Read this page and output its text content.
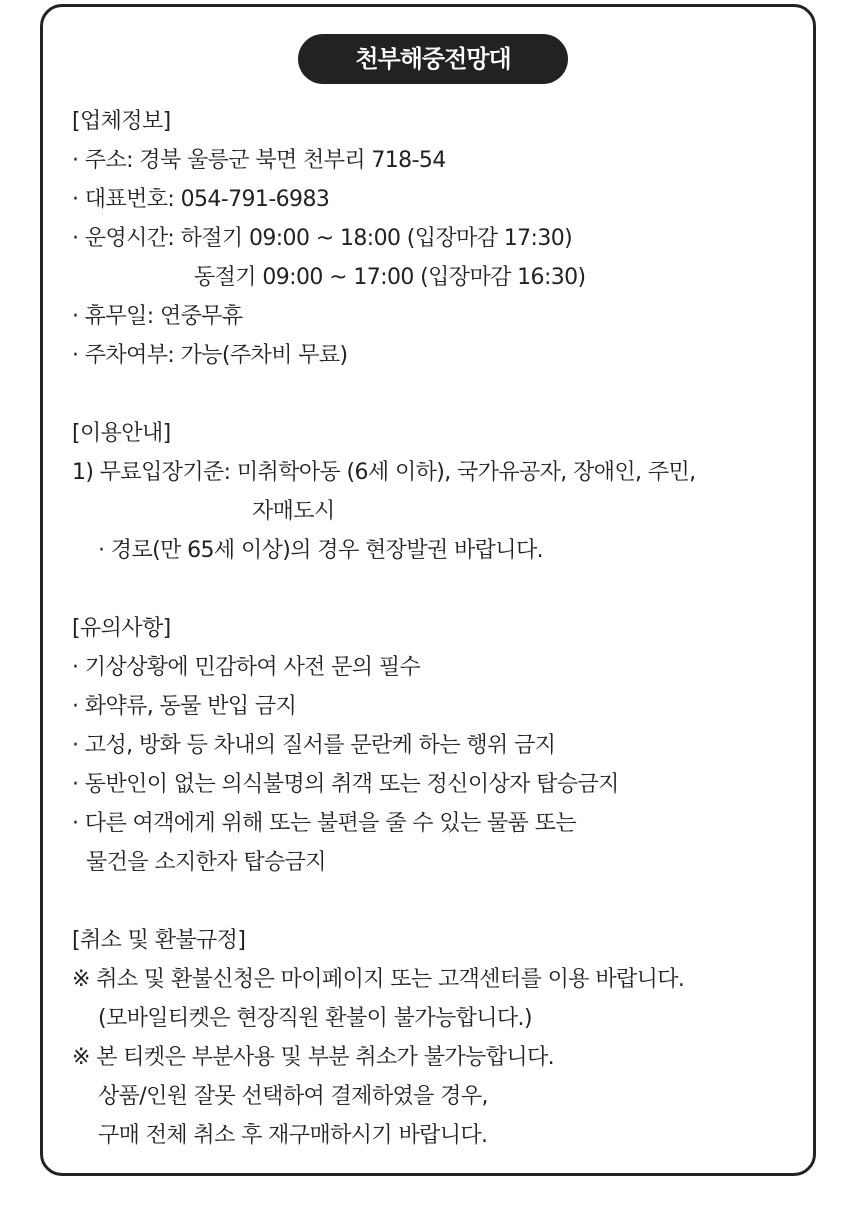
천부해중전망대
[업체정보]
· 주소: 경북 울릉군 북면 천부리 718-54
· 대표번호: 054-791-6983
· 운영시간: 하절기 09:00 ~ 18:00 (입장마감 17:30)
동절기 09:00 ~ 17:00 (입장마감 16:30)
· 휴무일: 연중무휴
· 주차여부: 가능(주차비 무료)
[이용안내]
1) 무료입장기준: 미취학아동 (6세 이하), 국가유공자, 장애인, 주민,
자매도시
· 경로(만 65세 이상)의 경우 현장발권 바랍니다.
[유의사항]
· 기상상황에 민감하여 사전 문의 필수
· 화약류, 동물 반입 금지
· 고성, 방화 등 차내의 질서를 문란케 하는 행위 금지
· 동반인이 없는 의식불명의 취객 또는 정신이상자 탑승금지
· 다른 여객에게 위해 또는 불편을 줄 수 있는 물품 또는
물건을 소지한자 탑승금지
[취소 및 환불규정]
※ 취소 및 환불신청은 마이페이지 또는 고객센터를 이용 바랍니다.
(모바일티켓은 현장직원 환불이 불가능합니다.)
※ 본 티켓은 부분사용 및 부분 취소가 불가능합니다.
상품/인원 잘못 선택하여 결제하였을 경우,
구매 전체 취소 후 재구매하시기 바랍니다.
